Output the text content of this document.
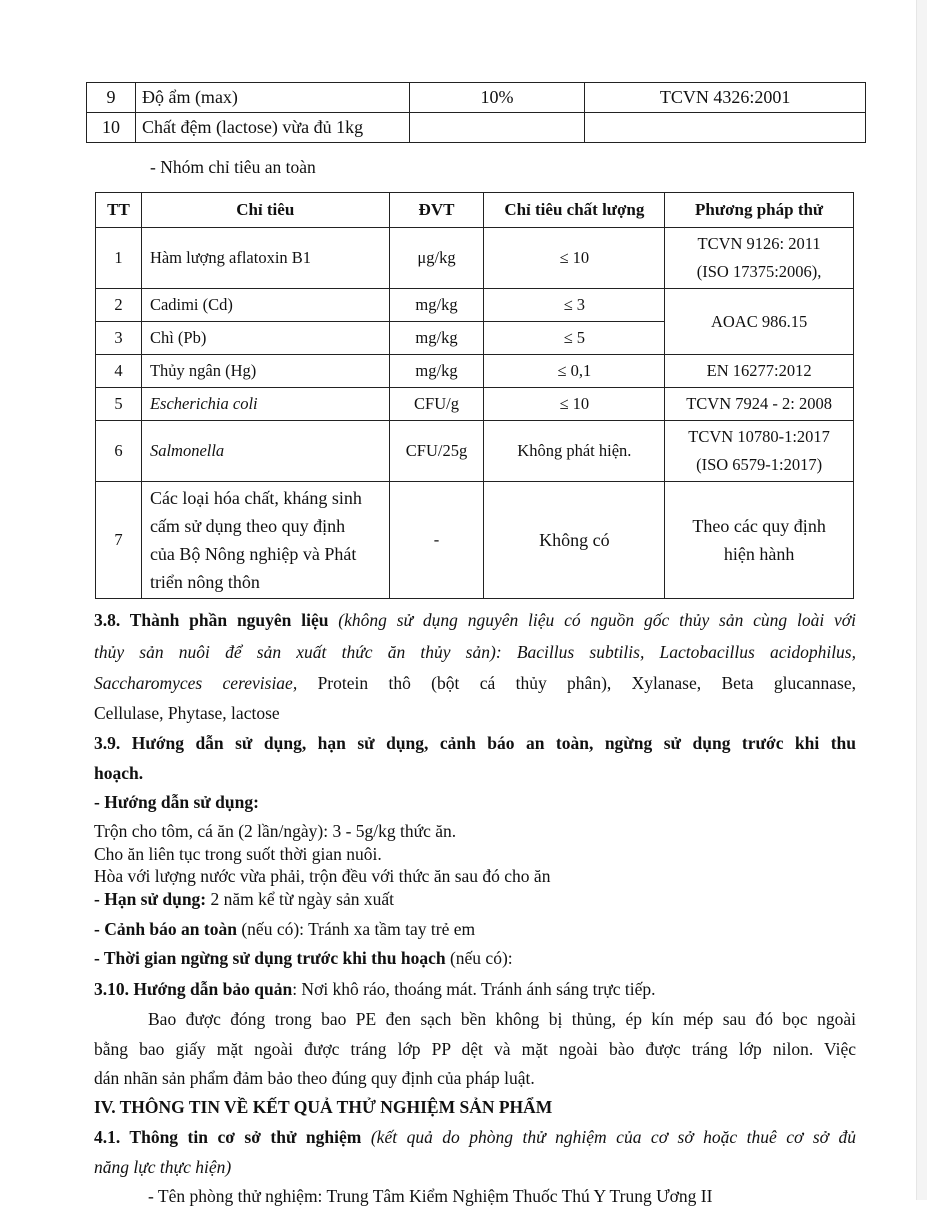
9	Độ ẩm (max)	10%	TCVN 4326:2001
10	Chất đệm (lactose) vừa đủ 1kg		
- Nhóm chỉ tiêu an toàn
TT	Chỉ tiêu	ĐVT	Chỉ tiêu chất lượng	Phương pháp thử
1	Hàm lượng aflatoxin B1	μg/kg	≤ 10	TCVN 9126: 2011
(ISO 17375:2006),
2	Cadimi (Cd)	mg/kg	≤ 3	AOAC 986.15
3	Chì (Pb)	mg/kg	≤ 5	
4	Thủy ngân (Hg)	mg/kg	≤ 0,1	EN 16277:2012
5	Escherichia coli	CFU/g	≤ 10	TCVN 7924 - 2: 2008
6	Salmonella	CFU/25g	Không phát hiện.	TCVN 10780-1:2017
(ISO 6579-1:2017)
7	Các loại hóa chất, kháng sinh
cấm sử dụng theo quy định
của Bộ Nông nghiệp và Phát
triển nông thôn	-	Không có	Theo các quy định
hiện hành
3.8. Thành phần nguyên liệu (không sử dụng nguyên liệu có nguồn gốc thủy sản cùng loài với
thủy sản nuôi để sản xuất thức ăn thủy sản): Bacillus subtilis, Lactobacillus acidophilus,
Saccharomyces cerevisiae, Protein thô (bột cá thủy phân), Xylanase, Beta glucannase,
Cellulase, Phytase, lactose
3.9. Hướng dẫn sử dụng, hạn sử dụng, cảnh báo an toàn, ngừng sử dụng trước khi thu
hoạch.
- Hướng dẫn sử dụng:
Trộn cho tôm, cá ăn (2 lần/ngày): 3 - 5g/kg thức ăn.
Cho ăn liên tục trong suốt thời gian nuôi.
Hòa với lượng nước vừa phải, trộn đều với thức ăn sau đó cho ăn
- Hạn sử dụng: 2 năm kể từ ngày sản xuất
- Cảnh báo an toàn (nếu có): Tránh xa tầm tay trẻ em
- Thời gian ngừng sử dụng trước khi thu hoạch (nếu có):
3.10. Hướng dẫn bảo quản: Nơi khô ráo, thoáng mát. Tránh ánh sáng trực tiếp.
Bao được đóng trong bao PE đen sạch bền không bị thủng, ép kín mép sau đó bọc ngoài
bằng bao giấy mặt ngoài được tráng lớp PP dệt và mặt ngoài bào được tráng lớp nilon. Việc
dán nhãn sản phẩm đảm bảo theo đúng quy định của pháp luật.
IV. THÔNG TIN VỀ KẾT QUẢ THỬ NGHIỆM SẢN PHẨM
4.1. Thông tin cơ sở thử nghiệm (kết quả do phòng thử nghiệm của cơ sở hoặc thuê cơ sở đủ
năng lực thực hiện)
- Tên phòng thử nghiệm: Trung Tâm Kiểm Nghiệm Thuốc Thú Y Trung Ương II
